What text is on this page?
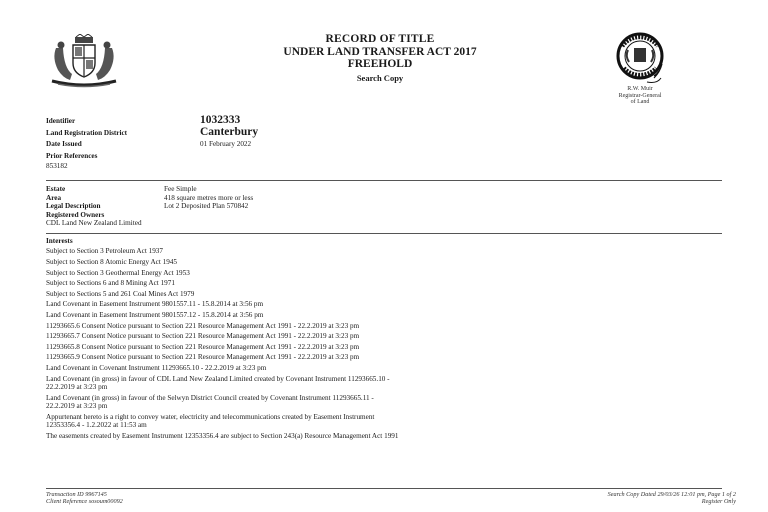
RECORD OF TITLE
UNDER LAND TRANSFER ACT 2017
FREEHOLD
Search Copy
R.W. Muir
Registrar-General
of Land
Identifier	1032333
Land Registration District	Canterbury
Date Issued	01 February 2022
Prior References
853182
Estate	Fee Simple
Area	418 square metres more or less
Legal Description	Lot 2 Deposited Plan 570842
Registered Owners
CDL Land New Zealand Limited
Interests
Subject to Section 3 Petroleum Act 1937
Subject to Section 8 Atomic Energy Act 1945
Subject to Section 3 Geothermal Energy Act 1953
Subject to Sections 6 and 8 Mining Act 1971
Subject to Sections 5 and 261 Coal Mines Act 1979
Land Covenant in Easement Instrument 9801557.11 - 15.8.2014 at 3:56 pm
Land Covenant in Easement Instrument 9801557.12 - 15.8.2014 at 3:56 pm
11293665.6 Consent Notice pursuant to Section 221 Resource Management Act 1991 - 22.2.2019 at 3:23 pm
11293665.7 Consent Notice pursuant to Section 221 Resource Management Act 1991 - 22.2.2019 at 3:23 pm
11293665.8 Consent Notice pursuant to Section 221 Resource Management Act 1991 - 22.2.2019 at 3:23 pm
11293665.9 Consent Notice pursuant to Section 221 Resource Management Act 1991 - 22.2.2019 at 3:23 pm
Land Covenant in Covenant Instrument 11293665.10 - 22.2.2019 at 3:23 pm
Land Covenant (in gross) in favour of CDL Land New Zealand Limited created by Covenant Instrument 11293665.10 -
22.2.2019 at 3:23 pm
Land Covenant (in gross) in favour of the Selwyn District Council created by Covenant Instrument 11293665.11 -
22.2.2019 at 3:23 pm
Appurtenant hereto is a right to convey water, electricity and telecommunications created by Easement Instrument
12353356.4 - 1.2.2022 at 11:53 am
The easements created by Easement Instrument 12353356.4 are subject to Section 243(a) Resource Management Act 1991
Transaction ID 9967145
Client Reference sosoum00092
Search Copy Dated 29/03/26 12:01 pm, Page 1 of 2
Register Only
